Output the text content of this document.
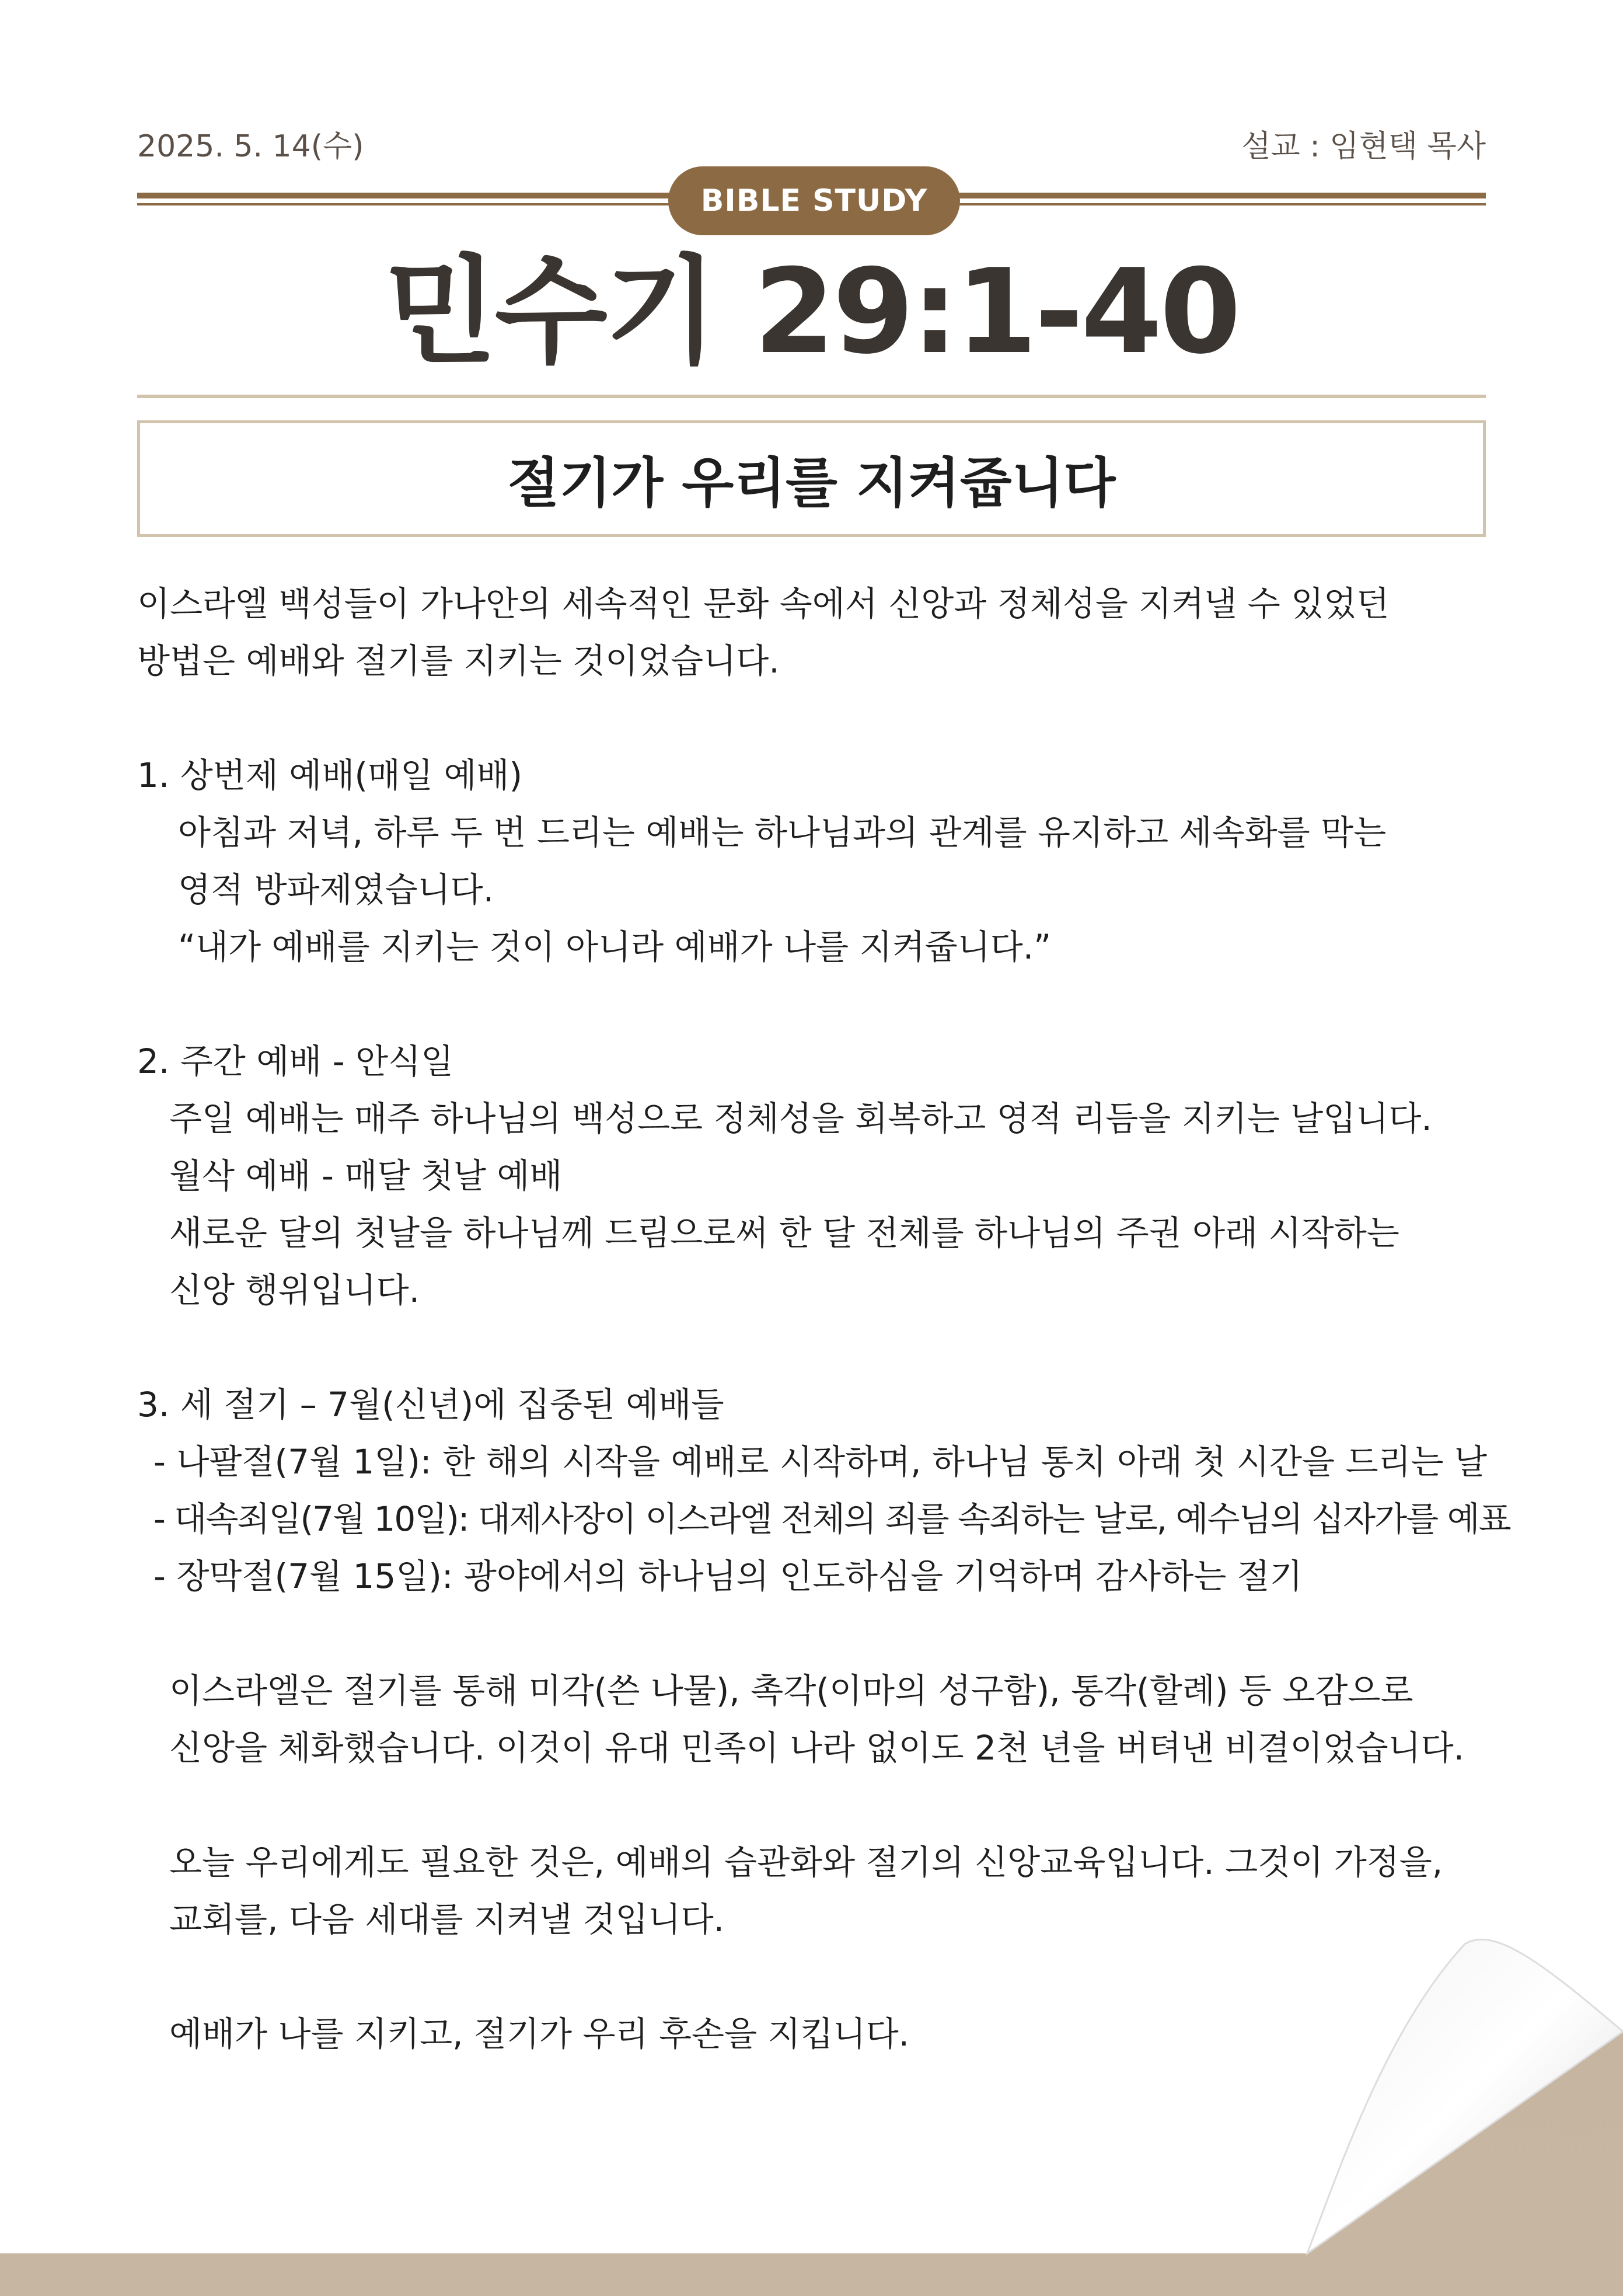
2025. 5. 14(수)	설교 : 임현택 목사
BIBLE STUDY
민수기 29:1-40
절기가 우리를 지켜줍니다

이스라엘 백성들이 가나안의 세속적인 문화 속에서 신앙과 정체성을 지켜낼 수 있었던

방법은 예배와 절기를 지키는 것이었습니다.

1. 상번제 예배(매일 예배)

아침과 저녁, 하루 두 번 드리는 예배는 하나님과의 관계를 유지하고 세속화를 막는

영적 방파제였습니다.

“내가 예배를 지키는 것이 아니라 예배가 나를 지켜줍니다.”

2. 주간 예배 - 안식일

주일 예배는 매주 하나님의 백성으로 정체성을 회복하고 영적 리듬을 지키는 날입니다.

월삭 예배 - 매달 첫날 예배

새로운 달의 첫날을 하나님께 드림으로써 한 달 전체를 하나님의 주권 아래 시작하는

신앙 행위입니다.

3. 세 절기 – 7월(신년)에 집중된 예배들

- 나팔절(7월 1일): 한 해의 시작을 예배로 시작하며, 하나님 통치 아래 첫 시간을 드리는 날

- 대속죄일(7월 10일): 대제사장이 이스라엘 전체의 죄를 속죄하는 날로, 예수님의 십자가를 예표

- 장막절(7월 15일): 광야에서의 하나님의 인도하심을 기억하며 감사하는 절기

이스라엘은 절기를 통해 미각(쓴 나물), 촉각(이마의 성구함), 통각(할례) 등 오감으로

신앙을 체화했습니다. 이것이 유대 민족이 나라 없이도 2천 년을 버텨낸 비결이었습니다.

오늘 우리에게도 필요한 것은, 예배의 습관화와 절기의 신앙교육입니다. 그것이 가정을,

교회를, 다음 세대를 지켜낼 것입니다.

예배가 나를 지키고, 절기가 우리 후손을 지킵니다.
